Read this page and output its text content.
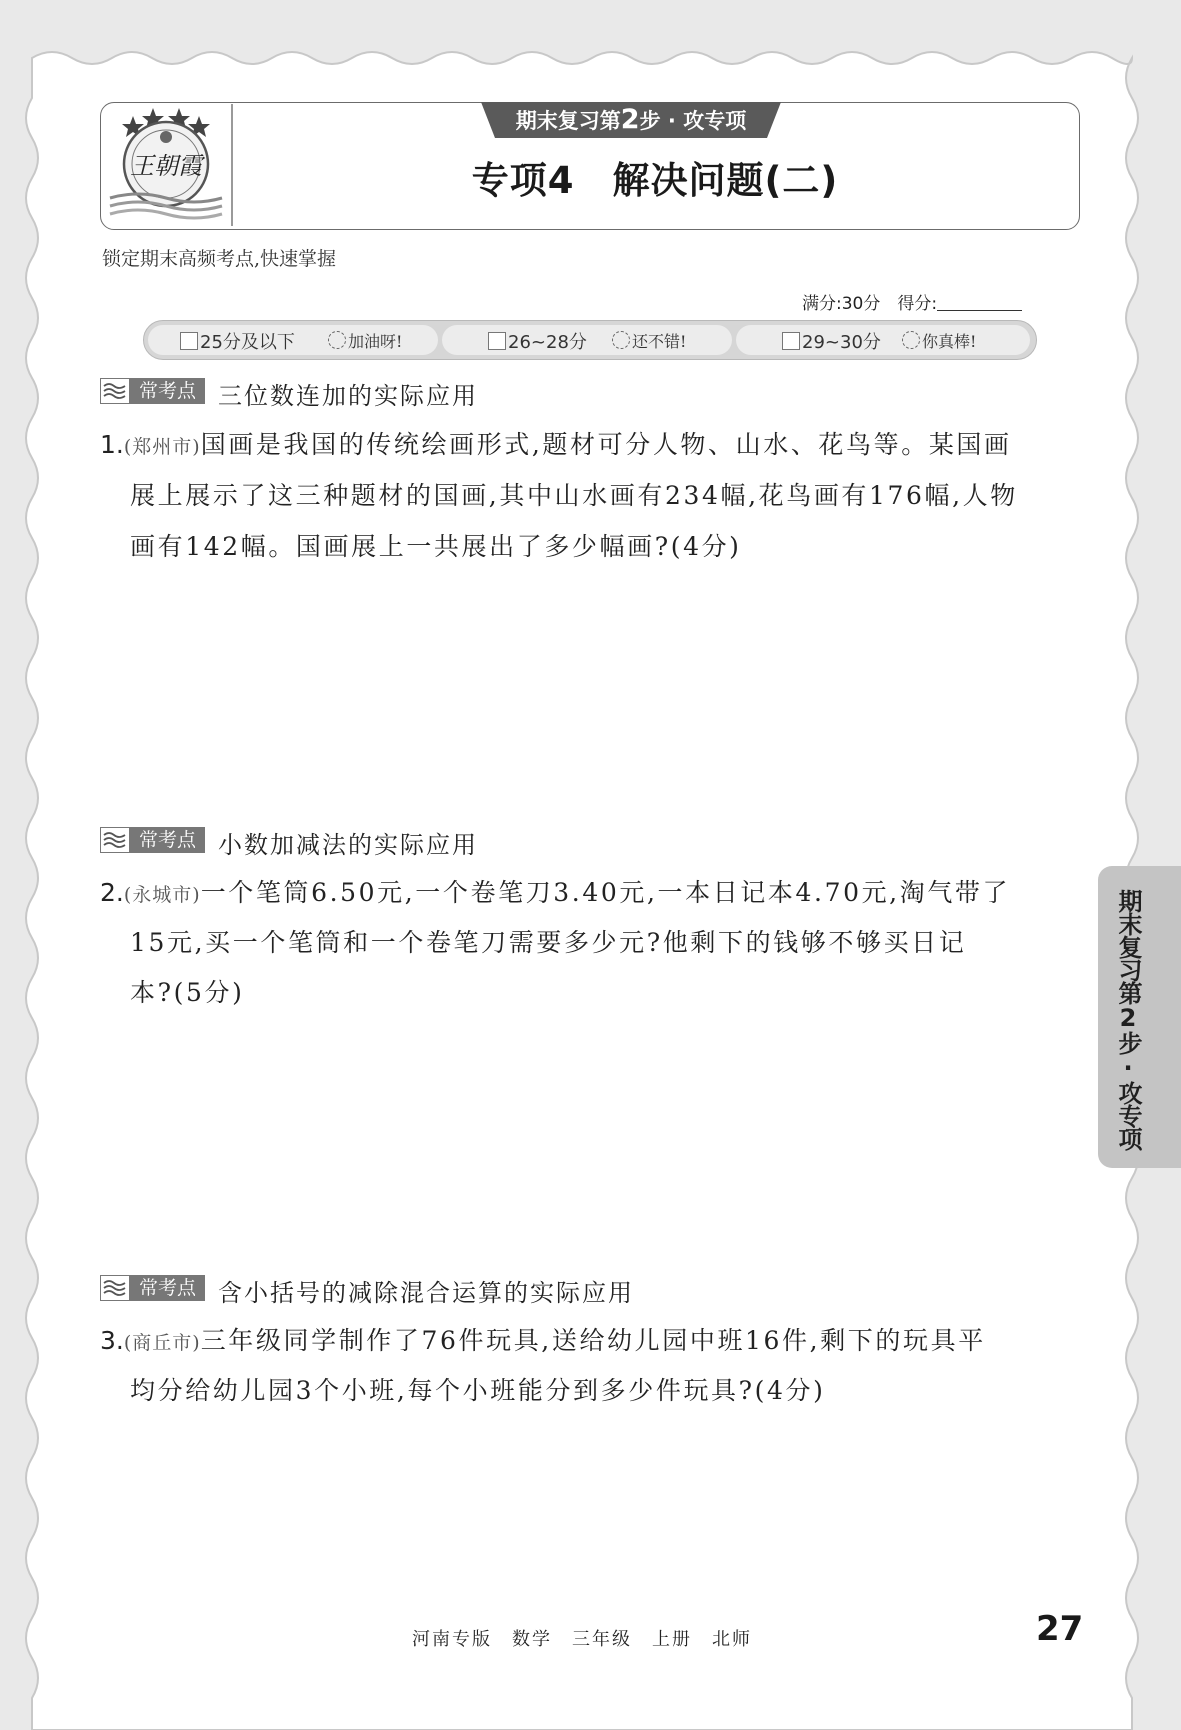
王朝霞
期末复习第2步 · 攻专项
专项4　解决问题(二)
锁定期末高频考点,快速掌握
满分:30分　得分:
25分及以下	加油呀!	26~28分	还不错!	29~30分	你真棒!
常考点 三位数连加的实际应用
1.(郑州市)国画是我国的传统绘画形式,题材可分人物、山水、花鸟等。某国画
展上展示了这三种题材的国画,其中山水画有234幅,花鸟画有176幅,人物
画有142幅。国画展上一共展出了多少幅画?(4分)
常考点 小数加减法的实际应用
2.(永城市)一个笔筒6.50元,一个卷笔刀3.40元,一本日记本4.70元,淘气带了
15元,买一个笔筒和一个卷笔刀需要多少元?他剩下的钱够不够买日记
本?(5分)
常考点 含小括号的减除混合运算的实际应用
3.(商丘市)三年级同学制作了76件玩具,送给幼儿园中班16件,剩下的玩具平
均分给幼儿园3个小班,每个小班能分到多少件玩具?(4分)
期末复习第2步·攻专项
河南专版　数学　三年级　上册　北师	27
